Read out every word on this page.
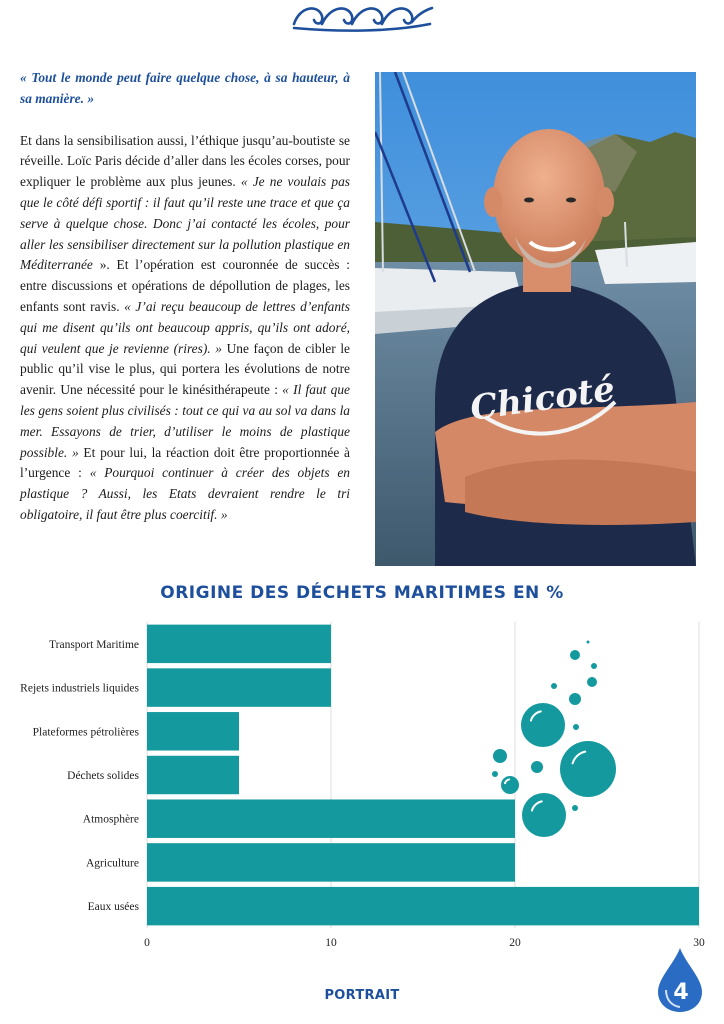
« Tout le monde peut faire quelque chose, à sa hauteur, à sa manière. »

Et dans la sensibilisation aussi, l’éthique jusqu’au-boutiste se réveille. Loïc Paris décide d’aller dans les écoles corses, pour expliquer le problème aux plus jeunes. « Je ne voulais pas que le côté défi sportif : il faut qu’il reste une trace et que ça serve à quelque chose. Donc j’ai contacté les écoles, pour aller les sensibiliser directement sur la pollution plastique en Méditerranée ». Et l’opération est couronnée de succès : entre discussions et opérations de dépollution de plages, les enfants sont ravis. « J’ai reçu beaucoup de lettres d’enfants qui me disent qu’ils ont beaucoup appris, qu’ils ont adoré, qui veulent que je revienne (rires). » Une façon de cibler le public qu’il vise le plus, qui portera les évolutions de notre avenir. Une nécessité pour le kinésithérapeute : « Il faut que les gens soient plus civilisés : tout ce qui va au sol va dans la mer. Essayons de trier, d’utiliser le moins de plastique possible. » Et pour lui, la réaction doit être proportionnée à l’urgence : « Pourquoi continuer à créer des objets en plastique ? Aussi, les Etats devraient rendre le tri obligatoire, il faut être plus coercitif. »

Chicoté
ORIGINE DES DÉCHETS MARITIMES EN %
Transport Maritime
Rejets industriels liquides
Plateformes pétrolières
Déchets solides
Atmosphère
Agriculture
Eaux usées
0	10	20	30
PORTRAIT	4
